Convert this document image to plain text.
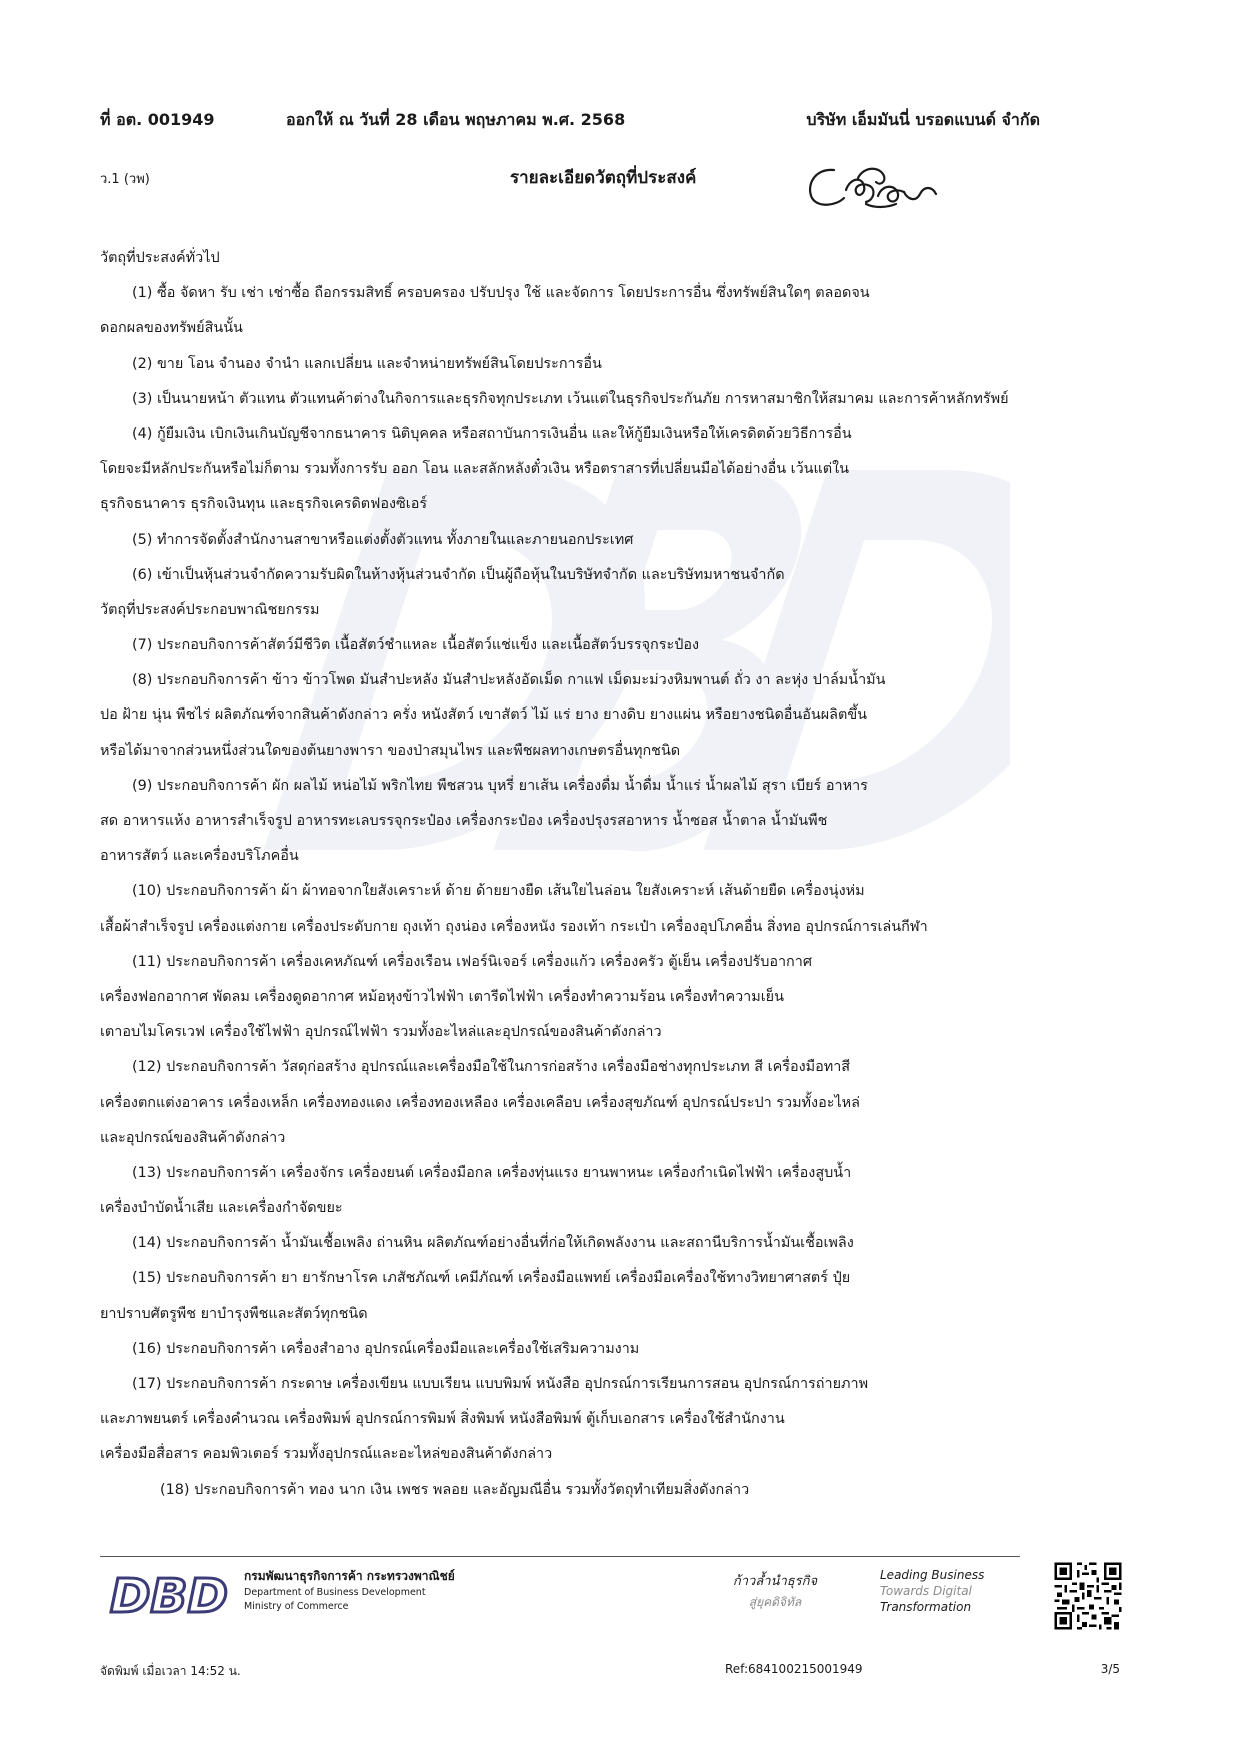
ที่ อต. 001949	ออกให้ ณ วันที่ 28 เดือน พฤษภาคม พ.ศ. 2568	บริษัท เอ็มมันนี่ บรอดแบนด์ จำกัด
ว.1 (วพ)	รายละเอียดวัตถุที่ประสงค์
วัตถุที่ประสงค์ทั่วไป
(1) ซื้อ จัดหา รับ เช่า เช่าซื้อ ถือกรรมสิทธิ์ ครอบครอง ปรับปรุง ใช้ และจัดการ โดยประการอื่น ซึ่งทรัพย์สินใดๆ ตลอดจน
ดอกผลของทรัพย์สินนั้น
(2) ขาย โอน จำนอง จำนำ แลกเปลี่ยน และจำหน่ายทรัพย์สินโดยประการอื่น
(3) เป็นนายหน้า ตัวแทน ตัวแทนค้าต่างในกิจการและธุรกิจทุกประเภท เว้นแต่ในธุรกิจประกันภัย การหาสมาชิกให้สมาคม และการค้าหลักทรัพย์
(4) กู้ยืมเงิน เบิกเงินเกินบัญชีจากธนาคาร นิติบุคคล หรือสถาบันการเงินอื่น และให้กู้ยืมเงินหรือให้เครดิตด้วยวิธีการอื่น
โดยจะมีหลักประกันหรือไม่ก็ตาม รวมทั้งการรับ ออก โอน และสลักหลังตั๋วเงิน หรือตราสารที่เปลี่ยนมือได้อย่างอื่น เว้นแต่ใน
ธุรกิจธนาคาร ธุรกิจเงินทุน และธุรกิจเครดิตฟองซิเอร์
(5) ทำการจัดตั้งสำนักงานสาขาหรือแต่งตั้งตัวแทน ทั้งภายในและภายนอกประเทศ
(6) เข้าเป็นหุ้นส่วนจำกัดความรับผิดในห้างหุ้นส่วนจำกัด เป็นผู้ถือหุ้นในบริษัทจำกัด และบริษัทมหาชนจำกัด
วัตถุที่ประสงค์ประกอบพาณิชยกรรม
(7) ประกอบกิจการค้าสัตว์มีชีวิต เนื้อสัตว์ชำแหละ เนื้อสัตว์แช่แข็ง และเนื้อสัตว์บรรจุกระป๋อง
(8) ประกอบกิจการค้า ข้าว ข้าวโพด มันสำปะหลัง มันสำปะหลังอัดเม็ด กาแฟ เม็ดมะม่วงหิมพานต์ ถั่ว งา ละหุ่ง ปาล์มน้ำมัน
ปอ ฝ้าย นุ่น พืชไร่ ผลิตภัณฑ์จากสินค้าดังกล่าว ครั่ง หนังสัตว์ เขาสัตว์ ไม้ แร่ ยาง ยางดิบ ยางแผ่น หรือยางชนิดอื่นอันผลิตขึ้น
หรือได้มาจากส่วนหนึ่งส่วนใดของต้นยางพารา ของป่าสมุนไพร และพืชผลทางเกษตรอื่นทุกชนิด
(9) ประกอบกิจการค้า ผัก ผลไม้ หน่อไม้ พริกไทย พืชสวน บุหรี่ ยาเส้น เครื่องดื่ม น้ำดื่ม น้ำแร่ น้ำผลไม้ สุรา เบียร์ อาหาร
สด อาหารแห้ง อาหารสำเร็จรูป อาหารทะเลบรรจุกระป๋อง เครื่องกระป๋อง เครื่องปรุงรสอาหาร น้ำซอส น้ำตาล น้ำมันพืช
อาหารสัตว์ และเครื่องบริโภคอื่น
(10) ประกอบกิจการค้า ผ้า ผ้าทอจากใยสังเคราะห์ ด้าย ด้ายยางยืด เส้นใยไนล่อน ใยสังเคราะห์ เส้นด้ายยืด เครื่องนุ่งห่ม
เสื้อผ้าสำเร็จรูป เครื่องแต่งกาย เครื่องประดับกาย ถุงเท้า ถุงน่อง เครื่องหนัง รองเท้า กระเป๋า เครื่องอุปโภคอื่น สิ่งทอ อุปกรณ์การเล่นกีฬา
(11) ประกอบกิจการค้า เครื่องเคหภัณฑ์ เครื่องเรือน เฟอร์นิเจอร์ เครื่องแก้ว เครื่องครัว ตู้เย็น เครื่องปรับอากาศ
เครื่องฟอกอากาศ พัดลม เครื่องดูดอากาศ หม้อหุงข้าวไฟฟ้า เตารีดไฟฟ้า เครื่องทำความร้อน เครื่องทำความเย็น
เตาอบไมโครเวฟ เครื่องใช้ไฟฟ้า อุปกรณ์ไฟฟ้า รวมทั้งอะไหล่และอุปกรณ์ของสินค้าดังกล่าว
(12) ประกอบกิจการค้า วัสดุก่อสร้าง อุปกรณ์และเครื่องมือใช้ในการก่อสร้าง เครื่องมือช่างทุกประเภท สี เครื่องมือทาสี
เครื่องตกแต่งอาคาร เครื่องเหล็ก เครื่องทองแดง เครื่องทองเหลือง เครื่องเคลือบ เครื่องสุขภัณฑ์ อุปกรณ์ประปา รวมทั้งอะไหล่
และอุปกรณ์ของสินค้าดังกล่าว
(13) ประกอบกิจการค้า เครื่องจักร เครื่องยนต์ เครื่องมือกล เครื่องทุ่นแรง ยานพาหนะ เครื่องกำเนิดไฟฟ้า เครื่องสูบน้ำ
เครื่องบำบัดน้ำเสีย และเครื่องกำจัดขยะ
(14) ประกอบกิจการค้า น้ำมันเชื้อเพลิง ถ่านหิน ผลิตภัณฑ์อย่างอื่นที่ก่อให้เกิดพลังงาน และสถานีบริการน้ำมันเชื้อเพลิง
(15) ประกอบกิจการค้า ยา ยารักษาโรค เภสัชภัณฑ์ เคมีภัณฑ์ เครื่องมือแพทย์ เครื่องมือเครื่องใช้ทางวิทยาศาสตร์ ปุ๋ย
ยาปราบศัตรูพืช ยาบำรุงพืชและสัตว์ทุกชนิด
(16) ประกอบกิจการค้า เครื่องสำอาง อุปกรณ์เครื่องมือและเครื่องใช้เสริมความงาม
(17) ประกอบกิจการค้า กระดาษ เครื่องเขียน แบบเรียน แบบพิมพ์ หนังสือ อุปกรณ์การเรียนการสอน อุปกรณ์การถ่ายภาพ
และภาพยนตร์ เครื่องคำนวณ เครื่องพิมพ์ อุปกรณ์การพิมพ์ สิ่งพิมพ์ หนังสือพิมพ์ ตู้เก็บเอกสาร เครื่องใช้สำนักงาน
เครื่องมือสื่อสาร คอมพิวเตอร์ รวมทั้งอุปกรณ์และอะไหล่ของสินค้าดังกล่าว
(18) ประกอบกิจการค้า ทอง นาก เงิน เพชร พลอย และอัญมณีอื่น รวมทั้งวัตถุทำเทียมสิ่งดังกล่าว
DBD กรมพัฒนาธุรกิจการค้า กระทรวงพาณิชย์
Department of Business Development
Ministry of Commerce
ก้าวล้ำนำธุรกิจ
สู่ยุคดิจิทัล
Leading Business
Towards Digital
Transformation
จัดพิมพ์ เมื่อเวลา 14:52 น.	Ref:684100215001949	3/5
